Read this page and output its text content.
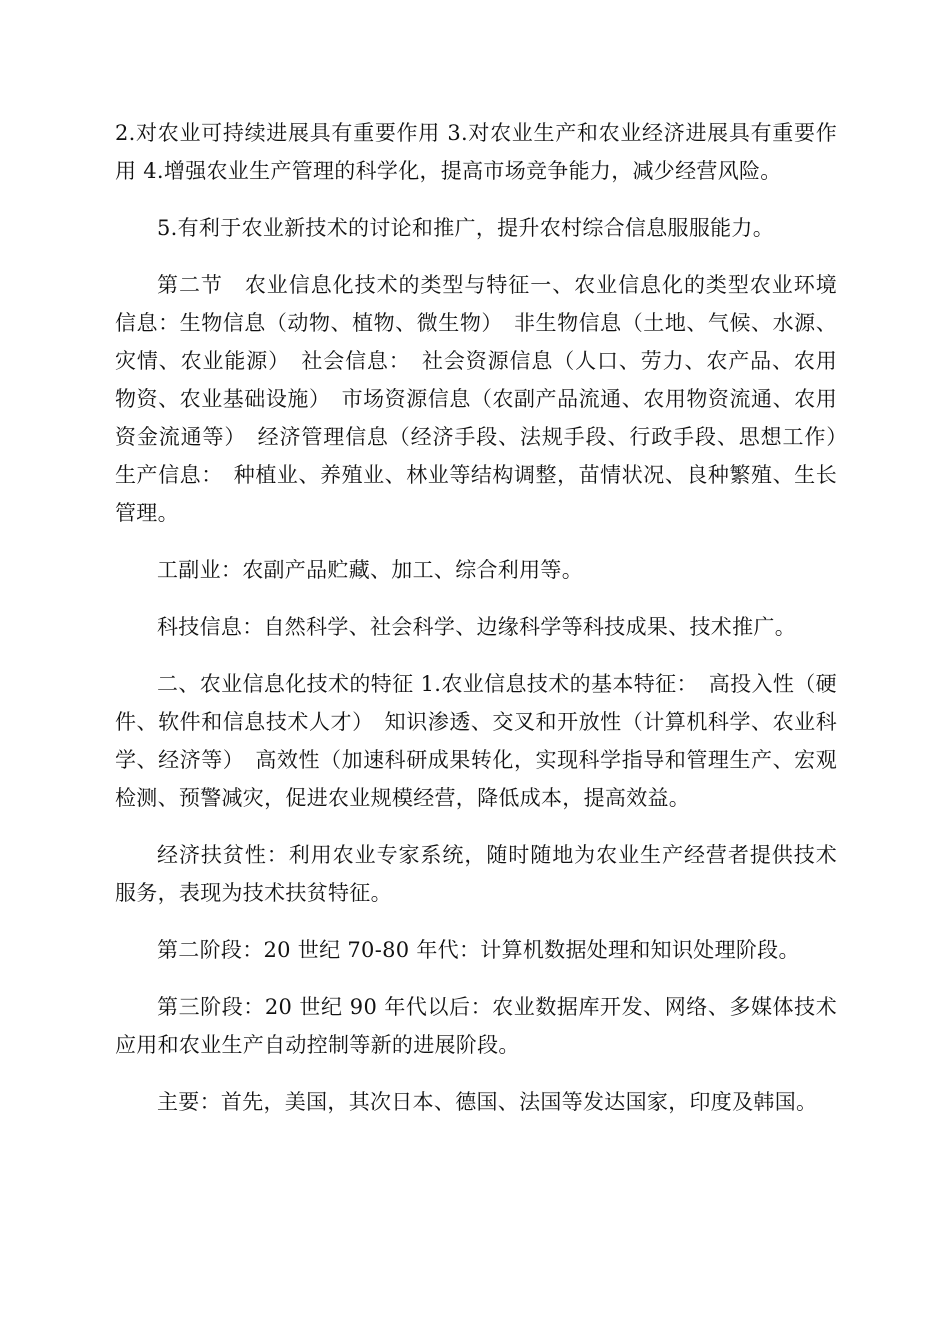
2.对农业可持续进展具有重要作用 3.对农业生产和农业经济进展具有重要作用 4.增强农业生产管理的科学化，提高市场竞争能力，减少经营风险。

5.有利于农业新技术的讨论和推广，提升农村综合信息服服能力。

第二节　农业信息化技术的类型与特征一、农业信息化的类型农业环境信息：生物信息（动物、植物、微生物）　非生物信息（土地、气候、水源、灾情、农业能源）　社会信息：　社会资源信息（人口、劳力、农产品、农用物资、农业基础设施）　市场资源信息（农副产品流通、农用物资流通、农用资金流通等）　经济管理信息（经济手段、法规手段、行政手段、思想工作）　生产信息：　种植业、养殖业、林业等结构调整，苗情状况、良种繁殖、生长管理。

工副业：农副产品贮藏、加工、综合利用等。

科技信息：自然科学、社会科学、边缘科学等科技成果、技术推广。

二、农业信息化技术的特征 1.农业信息技术的基本特征：　高投入性（硬件、软件和信息技术人才）　知识渗透、交叉和开放性（计算机科学、农业科学、经济等）　高效性（加速科研成果转化，实现科学指导和管理生产、宏观检测、预警减灾，促进农业规模经营，降低成本，提高效益。

经济扶贫性：利用农业专家系统，随时随地为农业生产经营者提供技术服务，表现为技术扶贫特征。

第二阶段：20 世纪 70-80 年代：计算机数据处理和知识处理阶段。

第三阶段：20 世纪 90 年代以后：农业数据库开发、网络、多媒体技术应用和农业生产自动控制等新的进展阶段。

主要：首先，美国，其次日本、德国、法国等发达国家，印度及韩国。
